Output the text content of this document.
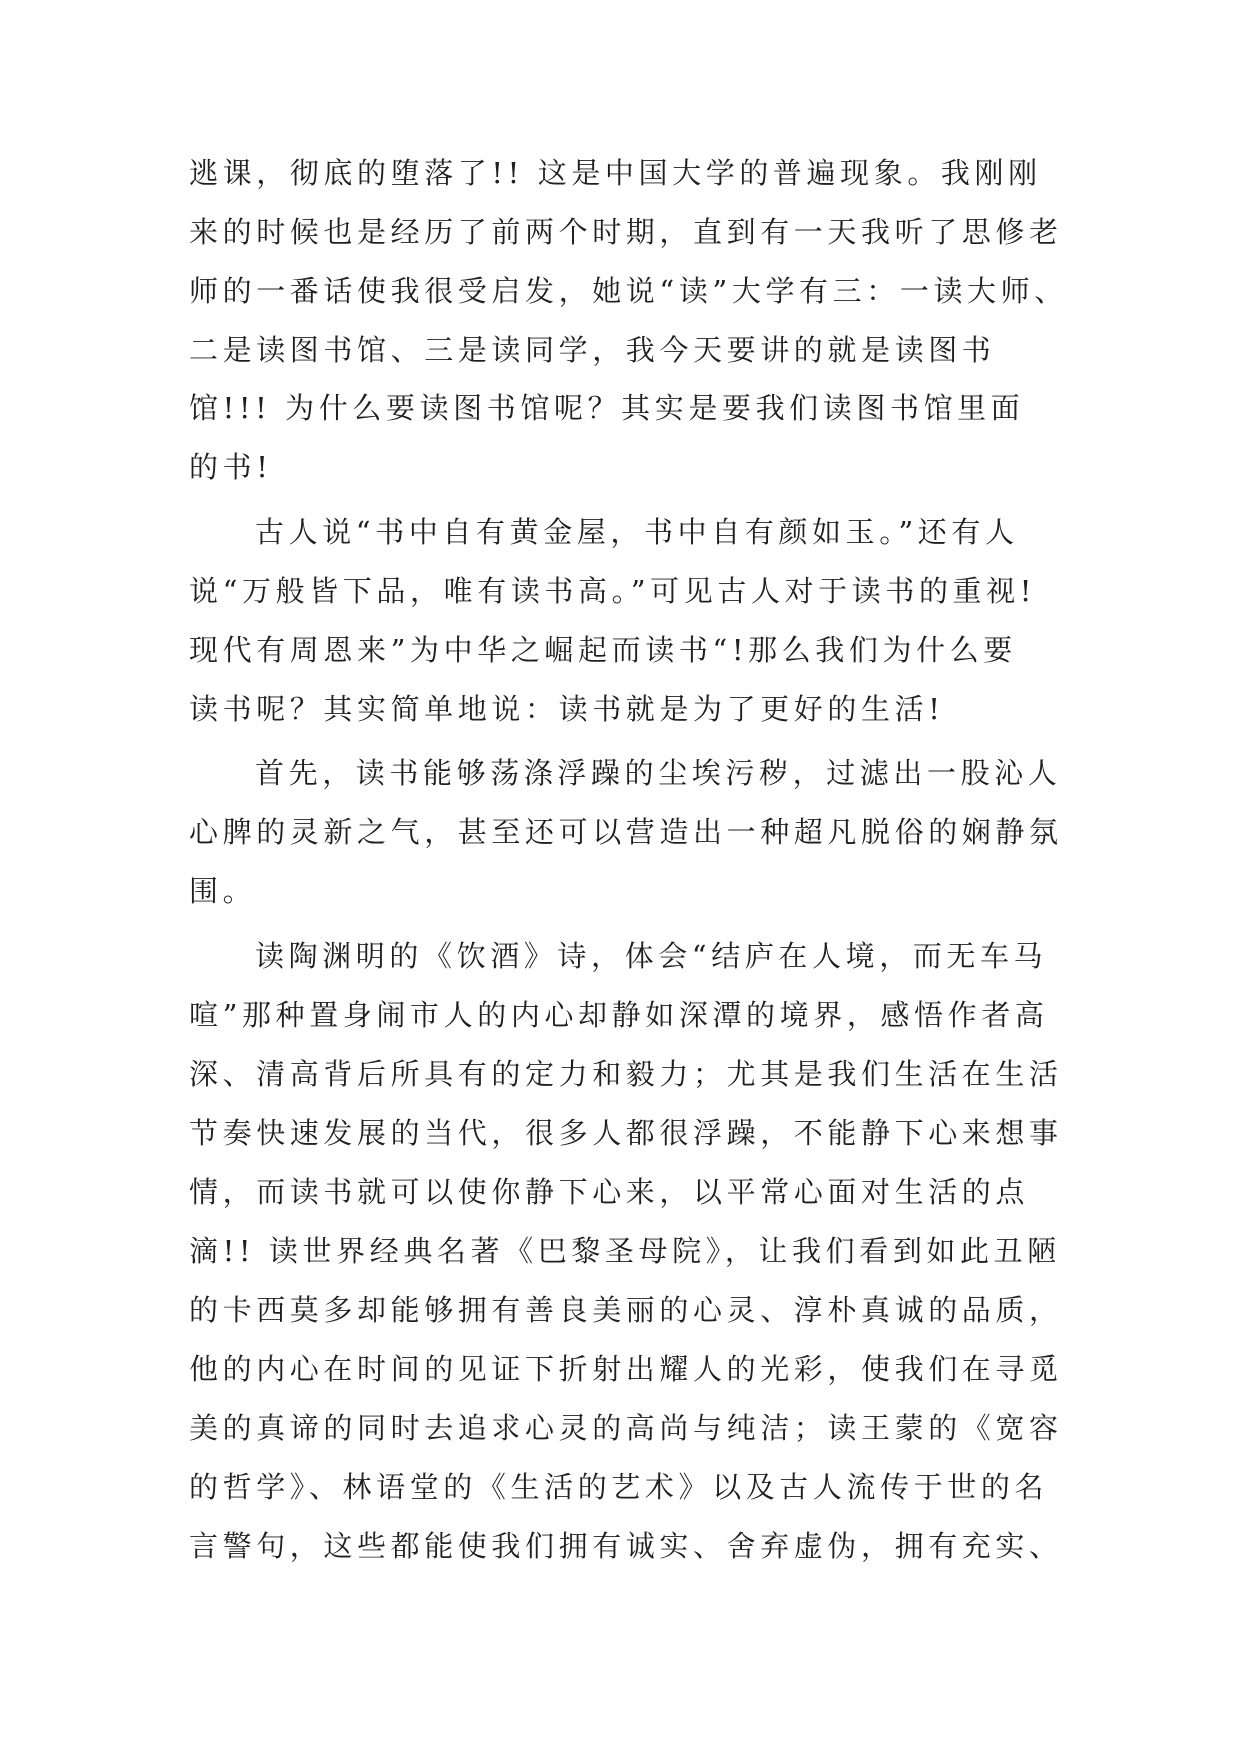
逃课，彻底的堕落了!! 这是中国大学的普遍现象。我刚刚
来的时候也是经历了前两个时期，直到有一天我听了思修老
师的一番话使我很受启发，她说“读”大学有三：一读大师、
二是读图书馆、三是读同学，我今天要讲的就是读图书
馆!!! 为什么要读图书馆呢？其实是要我们读图书馆里面
的书!
古人说“书中自有黄金屋，书中自有颜如玉。”还有人
说“万般皆下品，唯有读书高。”可见古人对于读书的重视!
现代有周恩来”为中华之崛起而读书“!那么我们为什么要
读书呢？其实简单地说：读书就是为了更好的生活!
首先，读书能够荡涤浮躁的尘埃污秽，过滤出一股沁人
心脾的灵新之气，甚至还可以营造出一种超凡脱俗的娴静氛
围。
读陶渊明的《饮酒》诗，体会“结庐在人境，而无车马
喧”那种置身闹市人的内心却静如深潭的境界，感悟作者高
深、清高背后所具有的定力和毅力；尤其是我们生活在生活
节奏快速发展的当代，很多人都很浮躁，不能静下心来想事
情，而读书就可以使你静下心来，以平常心面对生活的点
滴!! 读世界经典名著《巴黎圣母院》，让我们看到如此丑陋
的卡西莫多却能够拥有善良美丽的心灵、淳朴真诚的品质，
他的内心在时间的见证下折射出耀人的光彩，使我们在寻觅
美的真谛的同时去追求心灵的高尚与纯洁；读王蒙的《宽容
的哲学》、林语堂的《生活的艺术》以及古人流传于世的名
言警句，这些都能使我们拥有诚实、舍弃虚伪，拥有充实、
